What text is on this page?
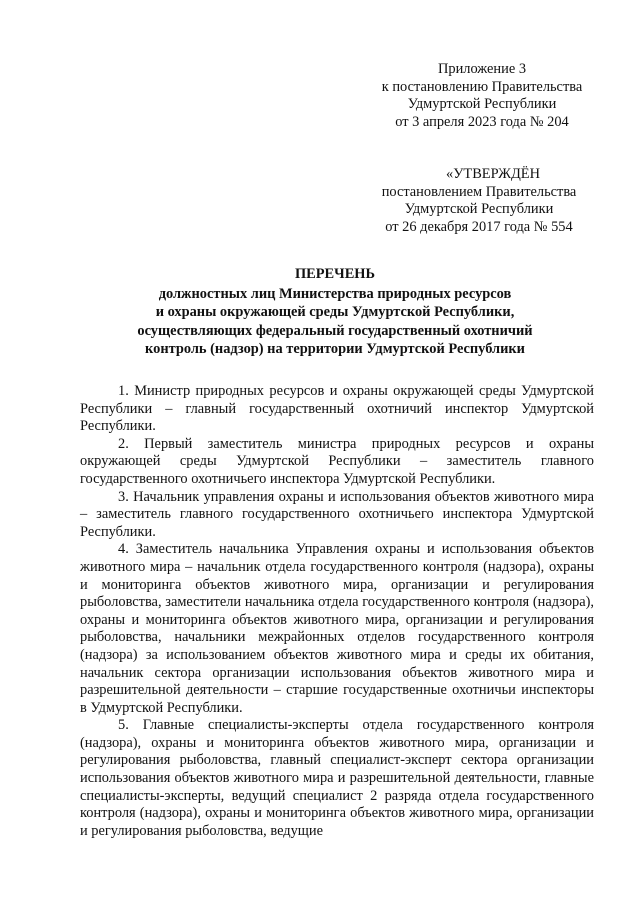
Приложение 3
к постановлению Правительства
Удмуртской Республики
от 3 апреля 2023 года № 204
«УТВЕРЖДЁН
постановлением Правительства
Удмуртской Республики
от 26 декабря 2017 года № 554
ПЕРЕЧЕНЬ
должностных лиц Министерства природных ресурсов
и охраны окружающей среды Удмуртской Республики,
осуществляющих федеральный государственный охотничий
контроль (надзор) на территории Удмуртской Республики

1. Министр природных ресурсов и охраны окружающей среды Удмуртской Республики – главный государственный охотничий инспектор Удмуртской Республики.

2. Первый заместитель министра природных ресурсов и охраны окружающей среды Удмуртской Республики – заместитель главного государственного охотничьего инспектора Удмуртской Республики.

3. Начальник управления охраны и использования объектов животного мира – заместитель главного государственного охотничьего инспектора Удмуртской Республики.

4. Заместитель начальника Управления охраны и использования объектов животного мира – начальник отдела государственного контроля (надзора), охраны и мониторинга объектов животного мира, организации и регулирования рыболовства, заместители начальника отдела государственного контроля (надзора), охраны и мониторинга объектов животного мира, организации и регулирования рыболовства, начальники межрайонных отделов государственного контроля (надзора) за использованием объектов животного мира и среды их обитания, начальник сектора организации использования объектов животного мира и разрешительной деятельности – старшие государственные охотничьи инспекторы в Удмуртской Республики.

5. Главные специалисты-эксперты отдела государственного контроля (надзора), охраны и мониторинга объектов животного мира, организации и регулирования рыболовства, главный специалист-эксперт сектора организации использования объектов животного мира и разрешительной деятельности, главные специалисты-эксперты, ведущий специалист 2 разряда отдела государственного контроля (надзора), охраны и мониторинга объектов животного мира, организации и регулирования рыболовства, ведущие
